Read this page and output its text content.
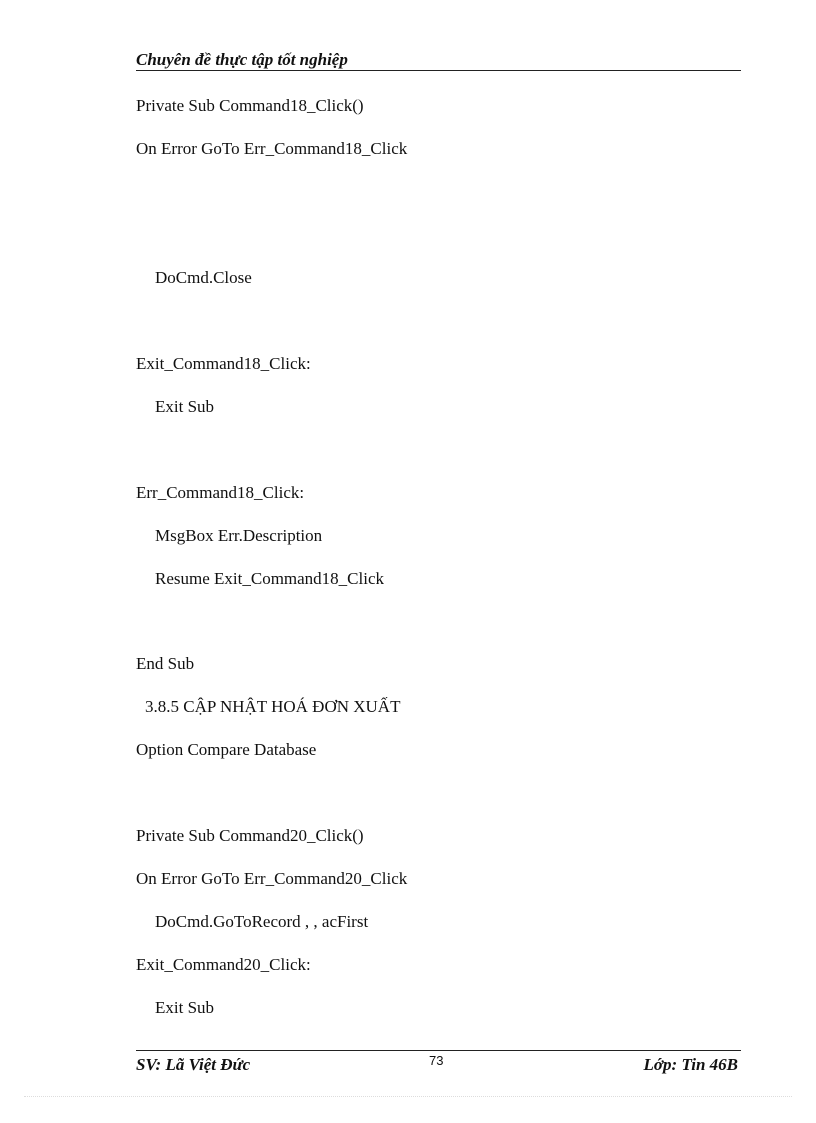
Chuyên đề thực tập tốt nghiệp
Private Sub Command18_Click()
On Error GoTo Err_Command18_Click
DoCmd.Close
Exit_Command18_Click:
Exit Sub
Err_Command18_Click:
MsgBox Err.Description
Resume Exit_Command18_Click
End Sub
3.8.5 CẬP NHẬT HOÁ ĐƠN XUẤT
Option Compare Database
Private Sub Command20_Click()
On Error GoTo Err_Command20_Click
DoCmd.GoToRecord , , acFirst
Exit_Command20_Click:
Exit Sub
SV: Lã Việt Đức	73	Lớp: Tin 46B
